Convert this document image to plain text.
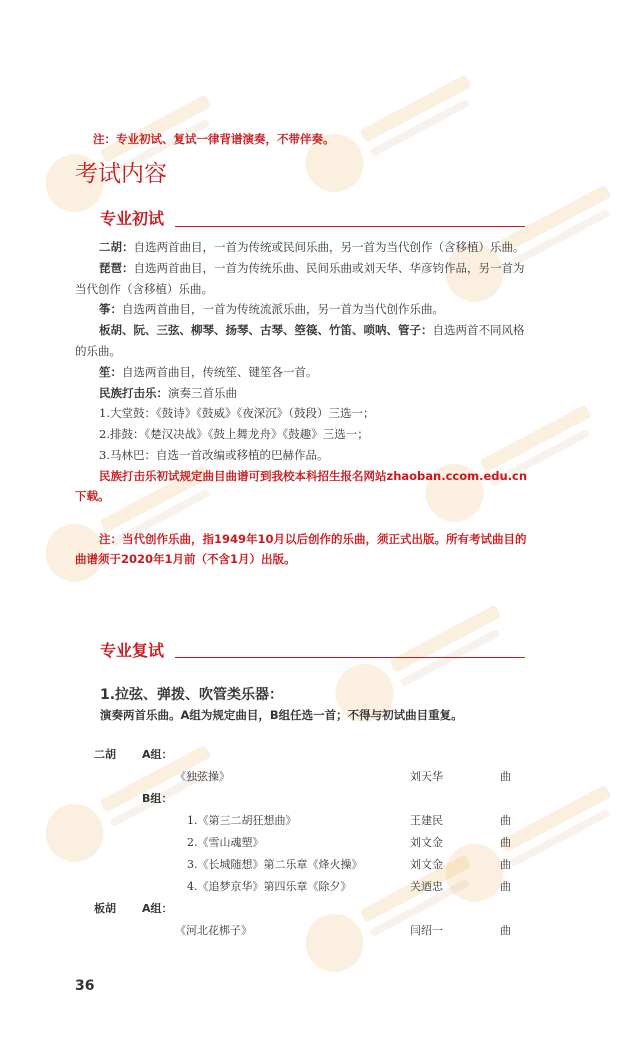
注：专业初试、复试一律背谱演奏，不带伴奏。
考试内容
专业初试

二胡：自选两首曲目，一首为传统或民间乐曲，另一首为当代创作（含移植）乐曲。

琵琶：自选两首曲目，一首为传统乐曲、民间乐曲或刘天华、华彦钧作品，另一首为当代创作（含移植）乐曲。

筝：自选两首曲目，一首为传统流派乐曲，另一首为当代创作乐曲。

板胡、阮、三弦、柳琴、扬琴、古琴、箜篌、竹笛、唢呐、管子：自选两首不同风格的乐曲。

笙：自选两首曲目，传统笙、键笙各一首。

民族打击乐：演奏三首乐曲

1.大堂鼓：《鼓诗》《鼓威》《夜深沉》（鼓段）三选一；

2.排鼓：《楚汉决战》《鼓上舞龙舟》《鼓趣》三选一；

3.马林巴：自选一首改编或移植的巴赫作品。

民族打击乐初试规定曲目曲谱可到我校本科招生报名网站zhaoban.ccom.edu.cn下载。

注：当代创作乐曲，指1949年10月以后创作的乐曲，须正式出版。所有考试曲目的曲谱须于2020年1月前（不含1月）出版。

专业复试
1.拉弦、弹拨、吹管类乐器：
演奏两首乐曲。A组为规定曲目，B组任选一首；不得与初试曲目重复。
二胡 A组：
《独弦操》	刘天华	曲
B组：
1.《第三二胡狂想曲》	王建民	曲
2.《雪山魂塑》	刘文金	曲
3.《长城随想》第二乐章《烽火操》	刘文金	曲
4.《追梦京华》第四乐章《除夕》	关迺忠	曲
板胡 A组：
《河北花梆子》	闫绍一	曲
36
